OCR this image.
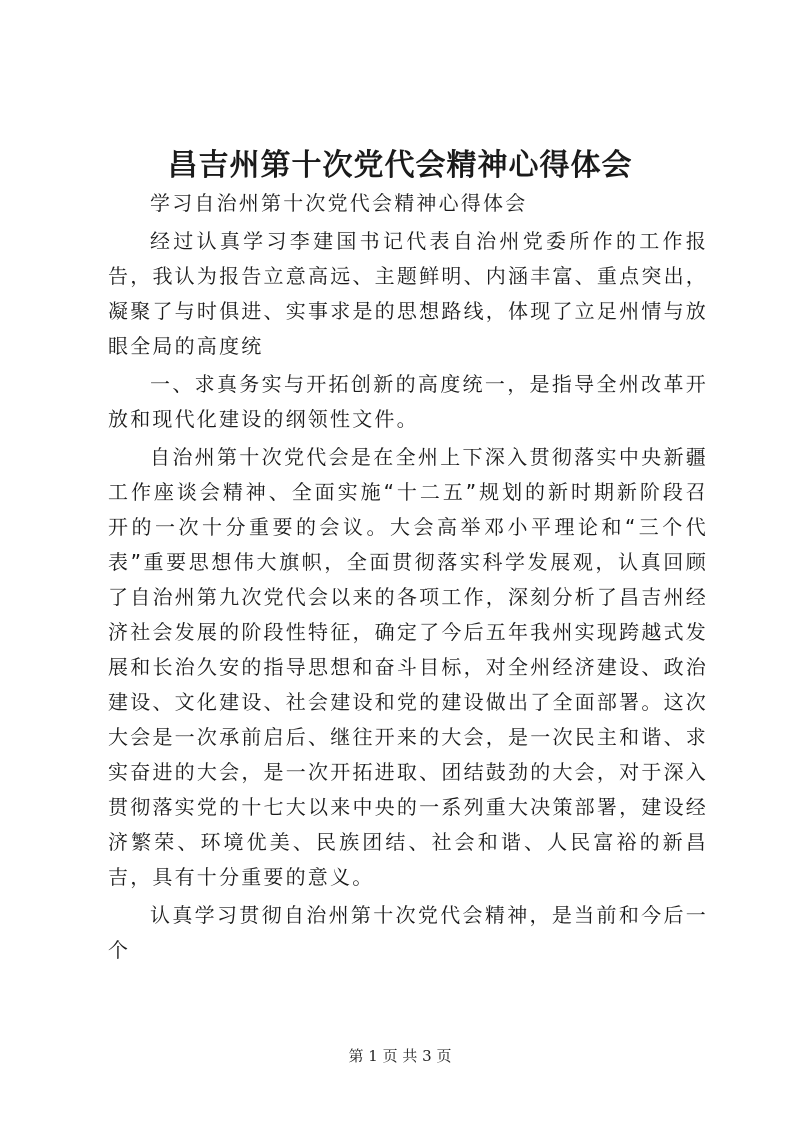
昌吉州第十次党代会精神心得体会

学习自治州第十次党代会精神心得体会

经过认真学习李建国书记代表自治州党委所作的工作报告，我认为报告立意高远、主题鲜明、内涵丰富、重点突出，凝聚了与时俱进、实事求是的思想路线，体现了立足州情与放眼全局的高度统

一、求真务实与开拓创新的高度统一，是指导全州改革开放和现代化建设的纲领性文件。

自治州第十次党代会是在全州上下深入贯彻落实中央新疆工作座谈会精神、全面实施“十二五”规划的新时期新阶段召开的一次十分重要的会议。大会高举邓小平理论和“三个代表”重要思想伟大旗帜，全面贯彻落实科学发展观，认真回顾了自治州第九次党代会以来的各项工作，深刻分析了昌吉州经济社会发展的阶段性特征，确定了今后五年我州实现跨越式发展和长治久安的指导思想和奋斗目标，对全州经济建设、政治建设、文化建设、社会建设和党的建设做出了全面部署。这次大会是一次承前启后、继往开来的大会，是一次民主和谐、求实奋进的大会，是一次开拓进取、团结鼓劲的大会，对于深入贯彻落实党的十七大以来中央的一系列重大决策部署，建设经济繁荣、环境优美、民族团结、社会和谐、人民富裕的新昌吉，具有十分重要的意义。

认真学习贯彻自治州第十次党代会精神，是当前和今后一个

第 1 页 共 3 页
